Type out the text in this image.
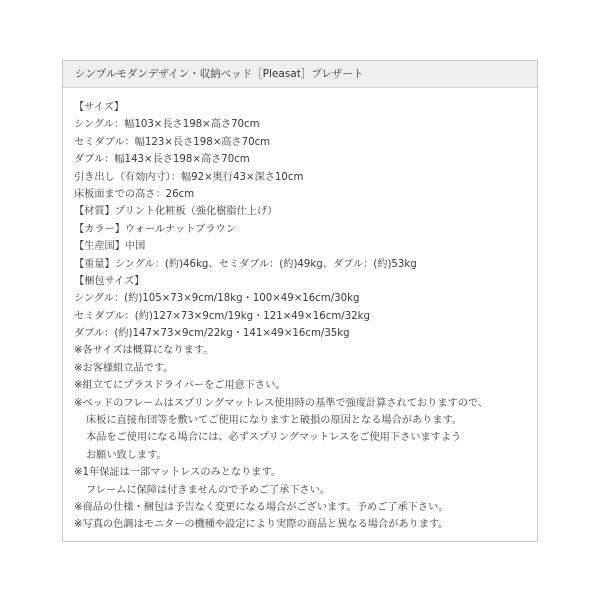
シンプルモダンデザイン・収納ベッド［Pleasat］プレザート
【サイズ】
シングル：幅103×長さ198×高さ70cm
セミダブル：幅123×長さ198×高さ70cm
ダブル：幅143×長さ198×高さ70cm
引き出し（有効内寸）：幅92×奥行43×深さ10cm
床板面までの高さ：26cm
【材質】プリント化粧板（強化樹脂仕上げ）
【カラー】ウォールナットブラウン
【生産国】中国
【重量】シングル：(約)46kg、セミダブル：(約)49kg、ダブル：(約)53kg
【梱包サイズ】
シングル：(約)105×73×9cm/18kg・100×49×16cm/30kg
セミダブル：(約)127×73×9cm/19kg・121×49×16cm/32kg
ダブル：(約)147×73×9cm/22kg・141×49×16cm/35kg
※各サイズは概算になります。
※お客様組立品です。
※組立てにプラスドライバーをご用意下さい。
※ベッドのフレームはスプリングマットレス使用時の基準で強度計算されておりますので、
床板に直接布団等を敷いてご使用になりますと破損の原因となる場合があります。
本品をご使用になる場合には、必ずスプリングマットレスをご使用下さいますよう
お願い致します。
※1年保証は一部マットレスのみとなります。
フレームに保障は付きませんので予めご了承下さい。
※商品の仕様・梱包は予告なく変更になる場合がございます。予めご了承下さい。
※写真の色調はモニターの機種や設定により実際の商品と異なる場合があります。
